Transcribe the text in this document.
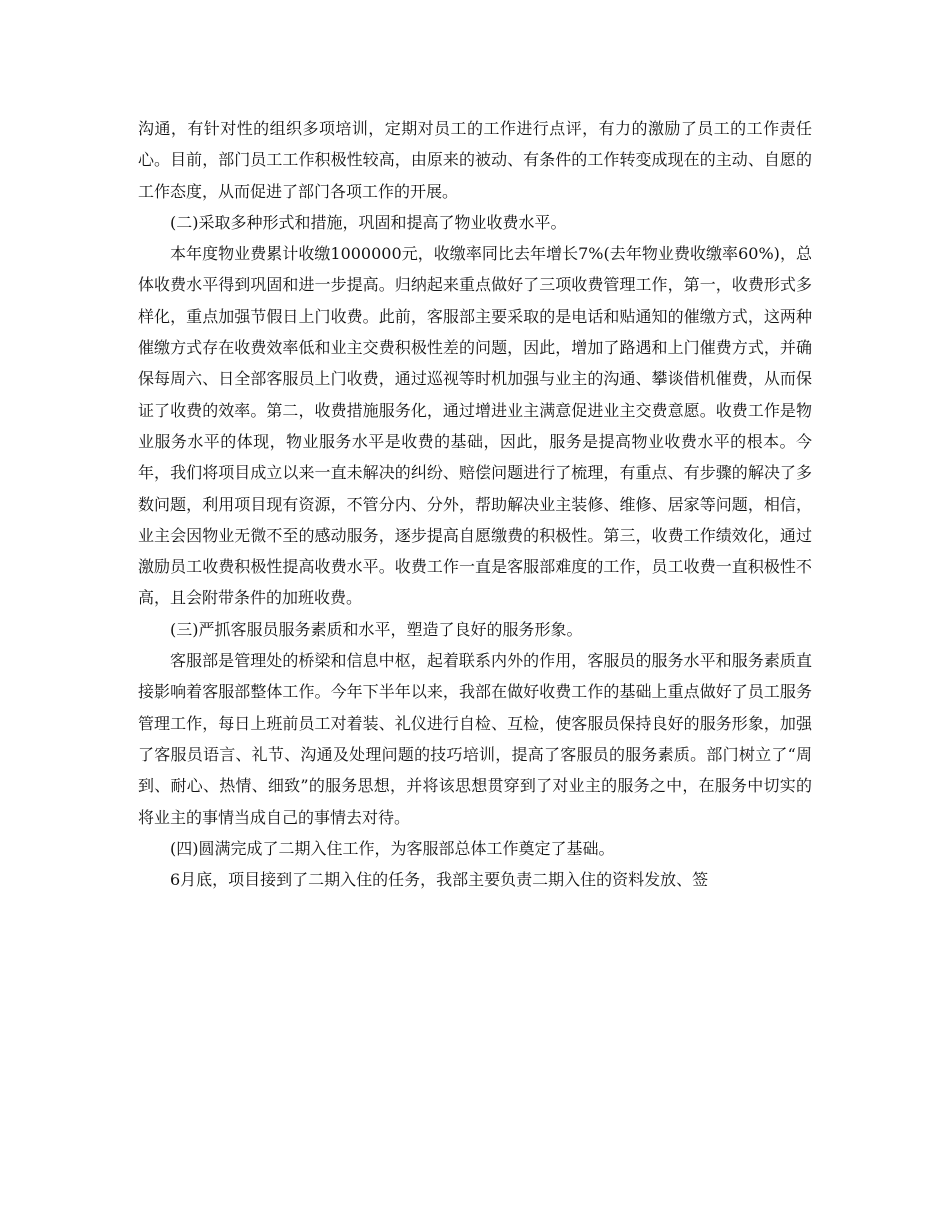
沟通，有针对性的组织多项培训，定期对员工的工作进行点评，有力的激励了员工的工作责任心。目前，部门员工工作积极性较高，由原来的被动、有条件的工作转变成现在的主动、自愿的工作态度，从而促进了部门各项工作的开展。

(二)采取多种形式和措施，巩固和提高了物业收费水平。

本年度物业费累计收缴1000000元，收缴率同比去年增长7%(去年物业费收缴率60%)，总体收费水平得到巩固和进一步提高。归纳起来重点做好了三项收费管理工作，第一，收费形式多样化，重点加强节假日上门收费。此前，客服部主要采取的是电话和贴通知的催缴方式，这两种催缴方式存在收费效率低和业主交费积极性差的问题，因此，增加了路遇和上门催费方式，并确保每周六、日全部客服员上门收费，通过巡视等时机加强与业主的沟通、攀谈借机催费，从而保证了收费的效率。第二，收费措施服务化，通过增进业主满意促进业主交费意愿。收费工作是物业服务水平的体现，物业服务水平是收费的基础，因此，服务是提高物业收费水平的根本。今年，我们将项目成立以来一直未解决的纠纷、赔偿问题进行了梳理，有重点、有步骤的解决了多数问题，利用项目现有资源，不管分内、分外，帮助解决业主装修、维修、居家等问题，相信，业主会因物业无微不至的感动服务，逐步提高自愿缴费的积极性。第三，收费工作绩效化，通过激励员工收费积极性提高收费水平。收费工作一直是客服部难度的工作，员工收费一直积极性不高，且会附带条件的加班收费。

(三)严抓客服员服务素质和水平，塑造了良好的服务形象。

客服部是管理处的桥梁和信息中枢，起着联系内外的作用，客服员的服务水平和服务素质直接影响着客服部整体工作。今年下半年以来，我部在做好收费工作的基础上重点做好了员工服务管理工作，每日上班前员工对着装、礼仪进行自检、互检，使客服员保持良好的服务形象，加强了客服员语言、礼节、沟通及处理问题的技巧培训，提高了客服员的服务素质。部门树立了“周到、耐心、热情、细致”的服务思想，并将该思想贯穿到了对业主的服务之中，在服务中切实的将业主的事情当成自己的事情去对待。

(四)圆满完成了二期入住工作，为客服部总体工作奠定了基础。

6月底，项目接到了二期入住的任务，我部主要负责二期入住的资料发放、签
